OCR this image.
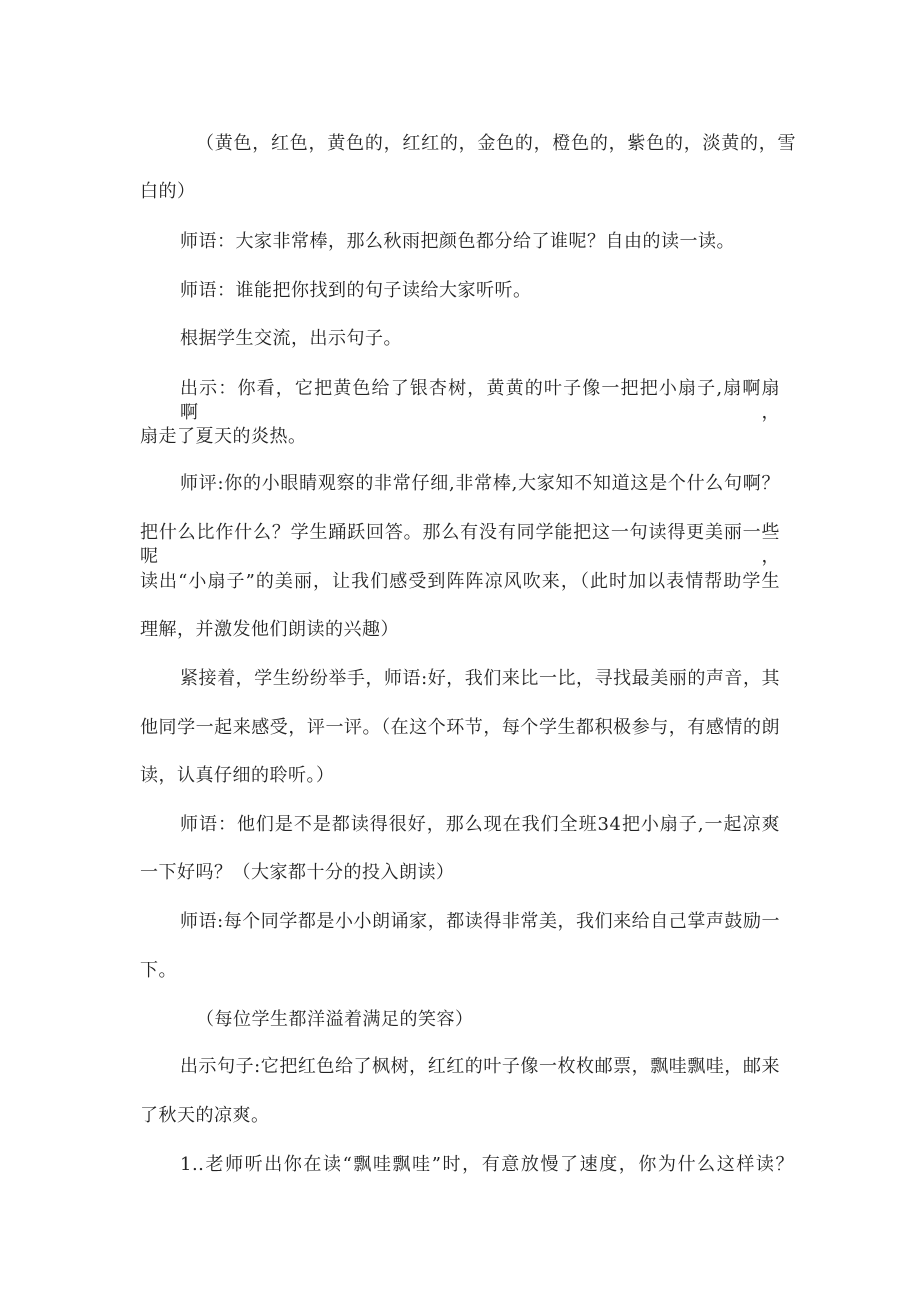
（黄色，红色，黄色的，红红的，金色的，橙色的，紫色的，淡黄的，雪
白的）
师语：大家非常棒，那么秋雨把颜色都分给了谁呢？自由的读一读。
师语：谁能把你找到的句子读给大家听听。
根据学生交流，出示句子。
出示：你看，它把黄色给了银杏树，黄黄的叶子像一把把小扇子,扇啊扇啊，
扇走了夏天的炎热。
师评:你的小眼睛观察的非常仔细,非常棒,大家知不知道这是个什么句啊？
把什么比作什么？学生踊跃回答。那么有没有同学能把这一句读得更美丽一些呢，
读出“小扇子”的美丽，让我们感受到阵阵凉风吹来，（此时加以表情帮助学生
理解，并激发他们朗读的兴趣）
紧接着，学生纷纷举手，师语:好，我们来比一比，寻找最美丽的声音，其
他同学一起来感受，评一评。（在这个环节，每个学生都积极参与，有感情的朗
读，认真仔细的聆听。）
师语：他们是不是都读得很好，那么现在我们全班34把小扇子,一起凉爽
一下好吗？（大家都十分的投入朗读）
师语:每个同学都是小小朗诵家，都读得非常美，我们来给自己掌声鼓励一
下。
（每位学生都洋溢着满足的笑容）
出示句子:它把红色给了枫树，红红的叶子像一枚枚邮票，飘哇飘哇，邮来
了秋天的凉爽。
1..老师听出你在读“飘哇飘哇”时，有意放慢了速度，你为什么这样读？
